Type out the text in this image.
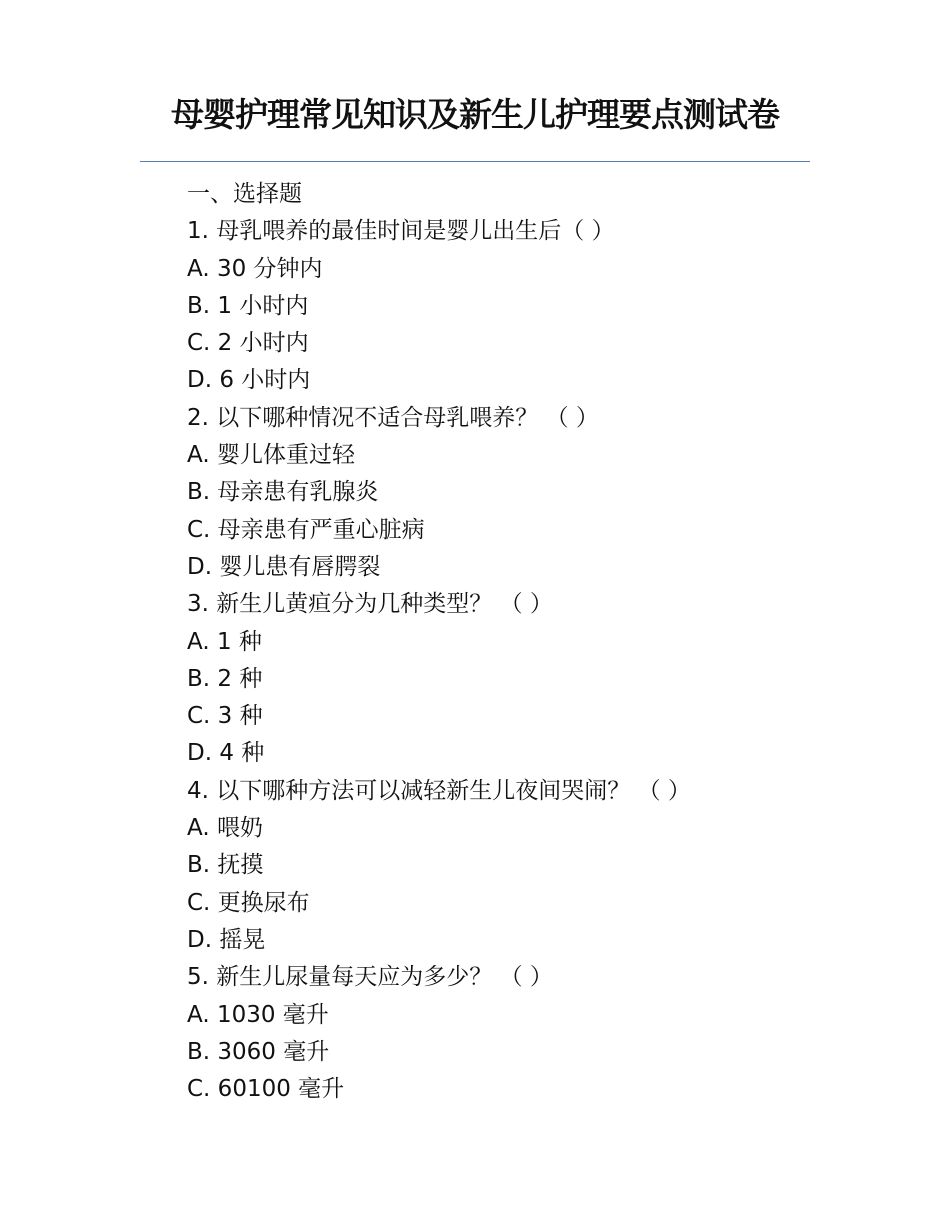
母婴护理常见知识及新生儿护理要点测试卷
一、选择题
1. 母乳喂养的最佳时间是婴儿出生后（ ）
A. 30 分钟内
B. 1 小时内
C. 2 小时内
D. 6 小时内
2. 以下哪种情况不适合母乳喂养？ （ ）
A. 婴儿体重过轻
B. 母亲患有乳腺炎
C. 母亲患有严重心脏病
D. 婴儿患有唇腭裂
3. 新生儿黄疸分为几种类型？ （ ）
A. 1 种
B. 2 种
C. 3 种
D. 4 种
4. 以下哪种方法可以减轻新生儿夜间哭闹？ （ ）
A. 喂奶
B. 抚摸
C. 更换尿布
D. 摇晃
5. 新生儿尿量每天应为多少？ （ ）
A. 1030 毫升
B. 3060 毫升
C. 60100 毫升
